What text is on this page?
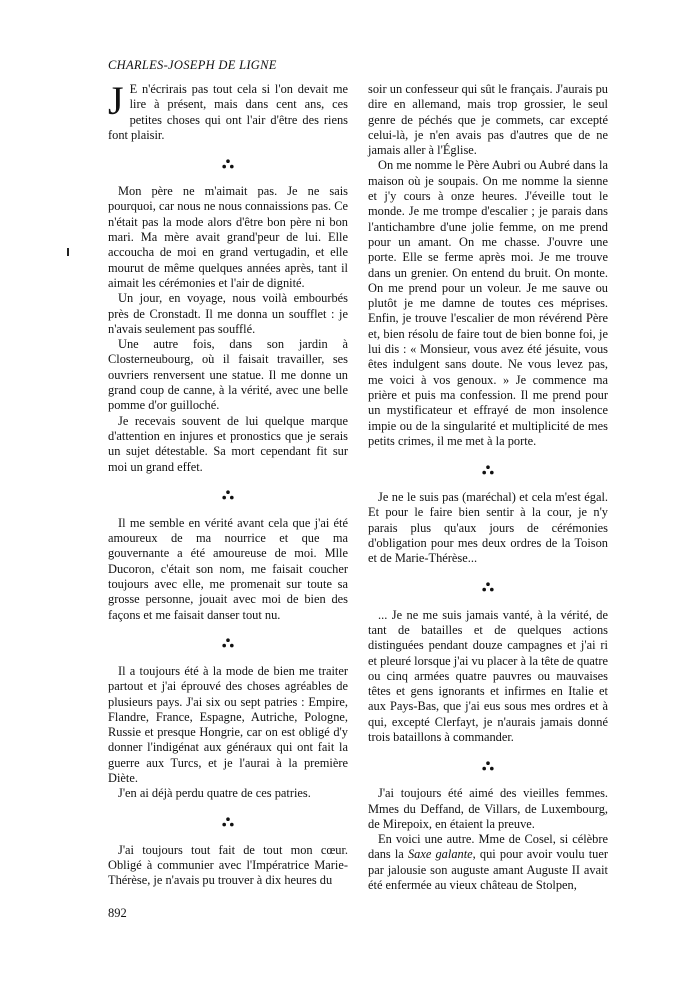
CHARLES-JOSEPH DE LIGNE

J E n'écrirais pas tout cela si l'on devait me lire à présent, mais dans cent ans, ces petites choses qui ont l'air d'être des riens font plaisir.

Mon père ne m'aimait pas. Je ne sais pourquoi, car nous ne nous connaissions pas. Ce n'était pas la mode alors d'être bon père ni bon mari. Ma mère avait grand'peur de lui. Elle accoucha de moi en grand vertugadin, et elle mourut de même quelques années après, tant il aimait les cérémonies et l'air de dignité.

Un jour, en voyage, nous voilà embourbés près de Cronstadt. Il me donna un soufflet : je n'avais seulement pas soufflé.

Une autre fois, dans son jardin à Closterneubourg, où il faisait travailler, ses ouvriers renversent une statue. Il me donne un grand coup de canne, à la vérité, avec une belle pomme d'or guilloché.

Je recevais souvent de lui quelque marque d'attention en injures et pronostics que je serais un sujet détestable. Sa mort cependant fit sur moi un grand effet.

Il me semble en vérité avant cela que j'ai été amoureux de ma nourrice et que ma gouvernante a été amoureuse de moi. Mlle Ducoron, c'était son nom, me faisait coucher toujours avec elle, me promenait sur toute sa grosse personne, jouait avec moi de bien des façons et me faisait danser tout nu.

Il a toujours été à la mode de bien me traiter partout et j'ai éprouvé des choses agréables de plusieurs pays. J'ai six ou sept patries : Empire, Flandre, France, Espagne, Autriche, Pologne, Russie et presque Hongrie, car on est obligé d'y donner l'indigénat aux généraux qui ont fait la guerre aux Turcs, et je l'aurai à la première Diète.

J'en ai déjà perdu quatre de ces patries.

J'ai toujours tout fait de tout mon cœur. Obligé à communier avec l'Impératrice Marie-Thérèse, je n'avais pu trouver à dix heures du

soir un confesseur qui sût le français. J'aurais pu dire en allemand, mais trop grossier, le seul genre de péchés que je commets, car excepté celui-là, je n'en avais pas d'autres que de ne jamais aller à l'Église.

On me nomme le Père Aubri ou Aubré dans la maison où je soupais. On me nomme la sienne et j'y cours à onze heures. J'éveille tout le monde. Je me trompe d'escalier ; je parais dans l'antichambre d'une jolie femme, on me prend pour un amant. On me chasse. J'ouvre une porte. Elle se ferme après moi. Je me trouve dans un grenier. On entend du bruit. On monte. On me prend pour un voleur. Je me sauve ou plutôt je me damne de toutes ces méprises. Enfin, je trouve l'escalier de mon révérend Père et, bien résolu de faire tout de bien bonne foi, je lui dis : « Monsieur, vous avez été jésuite, vous êtes indulgent sans doute. Ne vous levez pas, me voici à vos genoux. » Je commence ma prière et puis ma confession. Il me prend pour un mystificateur et effrayé de mon insolence impie ou de la singularité et multiplicité de mes petits crimes, il me met à la porte.

Je ne le suis pas (maréchal) et cela m'est égal. Et pour le faire bien sentir à la cour, je n'y parais plus qu'aux jours de cérémonies d'obligation pour mes deux ordres de la Toison et de Marie-Thérèse...

... Je ne me suis jamais vanté, à la vérité, de tant de batailles et de quelques actions distinguées pendant douze campagnes et j'ai ri et pleuré lorsque j'ai vu placer à la tête de quatre ou cinq armées quatre pauvres ou mauvaises têtes et gens ignorants et infirmes en Italie et aux Pays-Bas, que j'ai eus sous mes ordres et à qui, excepté Clerfayt, je n'aurais jamais donné trois bataillons à commander.

J'ai toujours été aimé des vieilles femmes. Mmes du Deffand, de Villars, de Luxembourg, de Mirepoix, en étaient la preuve.

En voici une autre. Mme de Cosel, si célèbre dans la Saxe galante, qui pour avoir voulu tuer par jalousie son auguste amant Auguste II avait été enfermée au vieux château de Stolpen,

892
